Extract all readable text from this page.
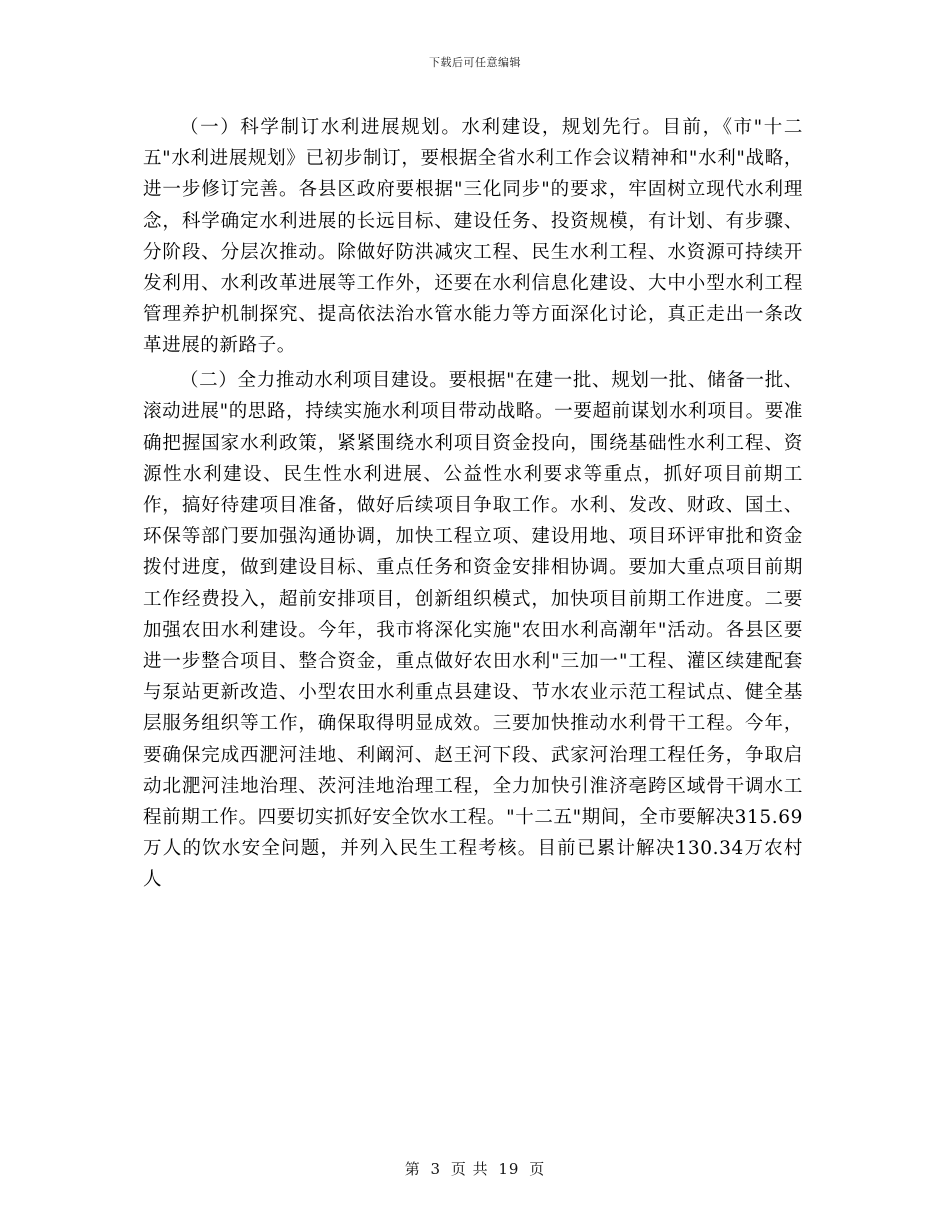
下载后可任意编辑

（一）科学制订水利进展规划。水利建设，规划先行。目前，《市"十二五"水利进展规划》已初步制订，要根据全省水利工作会议精神和"水利"战略，进一步修订完善。各县区政府要根据"三化同步"的要求，牢固树立现代水利理念，科学确定水利进展的长远目标、建设任务、投资规模，有计划、有步骤、分阶段、分层次推动。除做好防洪减灾工程、民生水利工程、水资源可持续开发利用、水利改革进展等工作外，还要在水利信息化建设、大中小型水利工程管理养护机制探究、提高依法治水管水能力等方面深化讨论，真正走出一条改革进展的新路子。

（二）全力推动水利项目建设。要根据"在建一批、规划一批、储备一批、滚动进展"的思路，持续实施水利项目带动战略。一要超前谋划水利项目。要准确把握国家水利政策，紧紧围绕水利项目资金投向，围绕基础性水利工程、资源性水利建设、民生性水利进展、公益性水利要求等重点，抓好项目前期工作，搞好待建项目准备，做好后续项目争取工作。水利、发改、财政、国土、环保等部门要加强沟通协调，加快工程立项、建设用地、项目环评审批和资金拨付进度，做到建设目标、重点任务和资金安排相协调。要加大重点项目前期工作经费投入，超前安排项目，创新组织模式，加快项目前期工作进度。二要加强农田水利建设。今年，我市将深化实施"农田水利高潮年"活动。各县区要进一步整合项目、整合资金，重点做好农田水利"三加一"工程、灌区续建配套与泵站更新改造、小型农田水利重点县建设、节水农业示范工程试点、健全基层服务组织等工作，确保取得明显成效。三要加快推动水利骨干工程。今年，要确保完成西淝河洼地、利阚河、赵王河下段、武家河治理工程任务，争取启动北淝河洼地治理、茨河洼地治理工程，全力加快引淮济亳跨区域骨干调水工程前期工作。四要切实抓好安全饮水工程。"十二五"期间，全市要解决315.69万人的饮水安全问题，并列入民生工程考核。目前已累计解决130.34万农村人

第 3 页 共 19 页
